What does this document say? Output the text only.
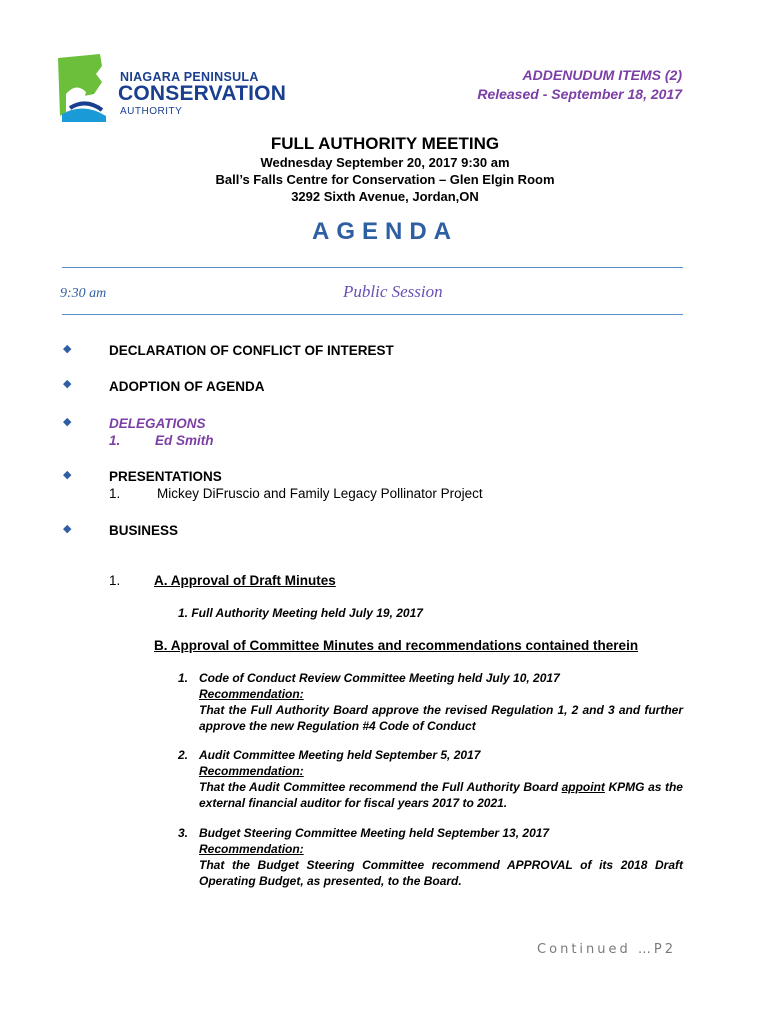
NIAGARA PENINSULA
CONSERVATION
AUTHORITY
ADDENUDUM ITEMS (2)
Released - September 18, 2017
FULL AUTHORITY MEETING
Wednesday September 20, 2017 9:30 am
Ball’s Falls Centre for Conservation – Glen Elgin Room
3292 Sixth Avenue, Jordan,ON
AGENDA
9:30 am	Public Session
◆	DECLARATION OF CONFLICT OF INTEREST
◆	ADOPTION OF AGENDA
◆	DELEGATIONS
1.	Ed Smith
◆	PRESENTATIONS
1.	Mickey DiFruscio and Family Legacy Pollinator Project
◆	BUSINESS
1. A. Approval of Draft Minutes
1. Full Authority Meeting held July 19, 2017
B. Approval of Committee Minutes and recommendations contained therein
1. Code of Conduct Review Committee Meeting held July 10, 2017
Recommendation:
That the Full Authority Board approve the revised Regulation 1, 2 and 3 and further approve the new Regulation #4 Code of Conduct
2. Audit Committee Meeting held September 5, 2017
Recommendation:
That the Audit Committee recommend the Full Authority Board appoint KPMG as the external financial auditor for fiscal years 2017 to 2021.
3. Budget Steering Committee Meeting held September 13, 2017
Recommendation:
That the Budget Steering Committee recommend APPROVAL of its 2018 Draft Operating Budget, as presented, to the Board.
Continued …P2
